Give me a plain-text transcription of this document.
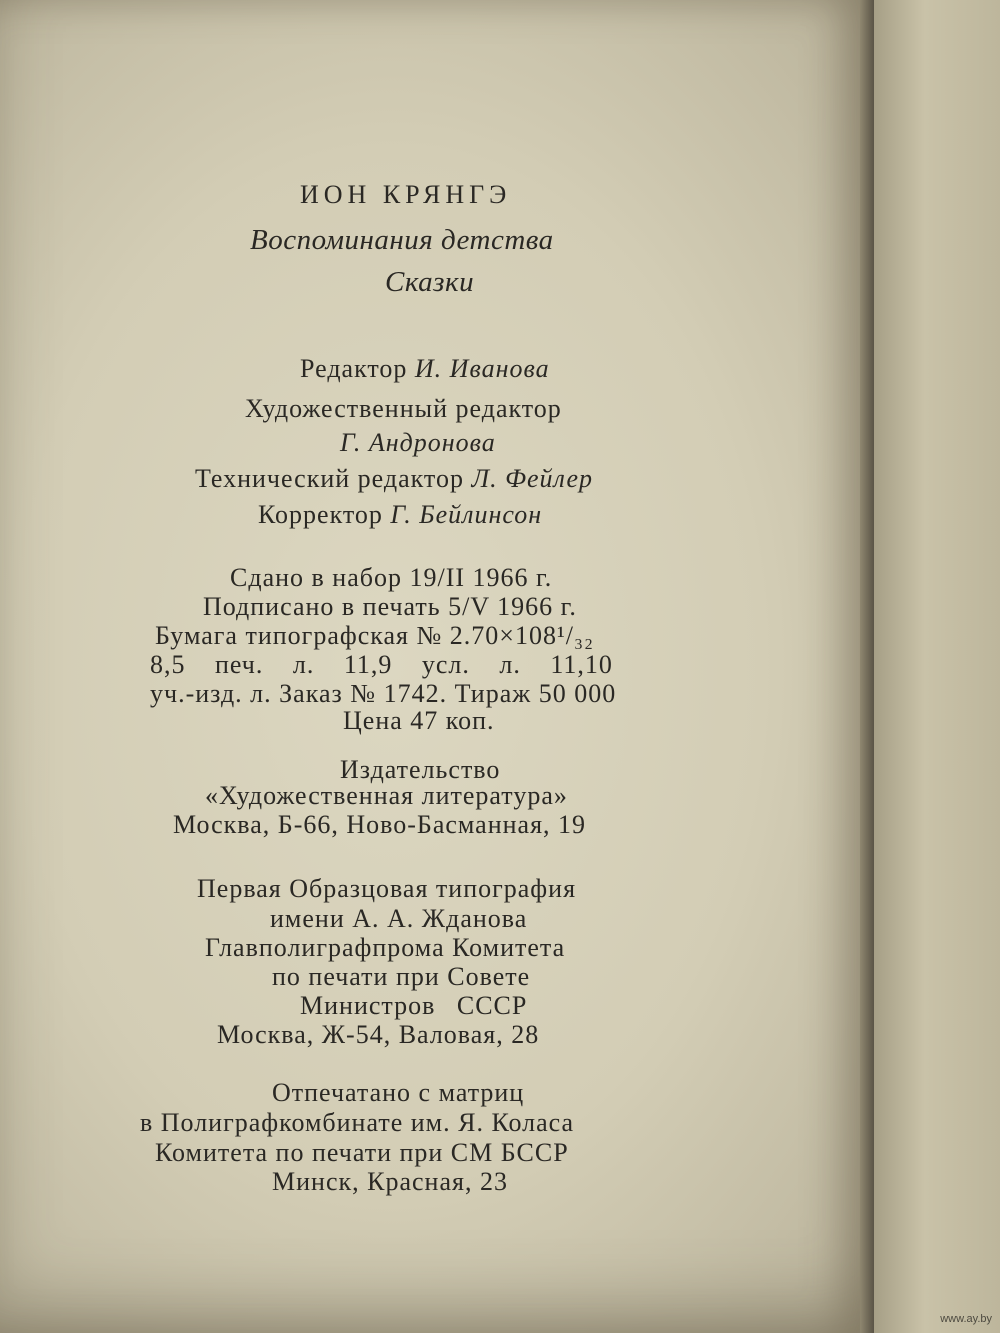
ИОН КРЯНГЭ
Воспоминания детства
Сказки
Редактор И. Иванова
Художественный редактор
Г. Андронова
Технический редактор Л. Фейлер
Корректор Г. Бейлинсон
Сдано в набор 19/II 1966 г.
Подписано в печать 5/V 1966 г.
Бумага типографская № 2.70×108¹/₃₂
8,5 печ. л. 11,9 усл. л. 11,10
уч.-изд. л. Заказ № 1742. Тираж 50 000
Цена 47 коп.
Издательство
«Художественная литература»
Москва, Б-66, Ново-Басманная, 19
Первая Образцовая типография
имени А. А. Жданова
Главполиграфпрома Комитета
по печати при Совете
Министров СССР
Москва, Ж-54, Валовая, 28
Отпечатано с матриц
в Полиграфкомбинате им. Я. Коласа
Комитета по печати при СМ БССР
Минск, Красная, 23
www.ay.by
